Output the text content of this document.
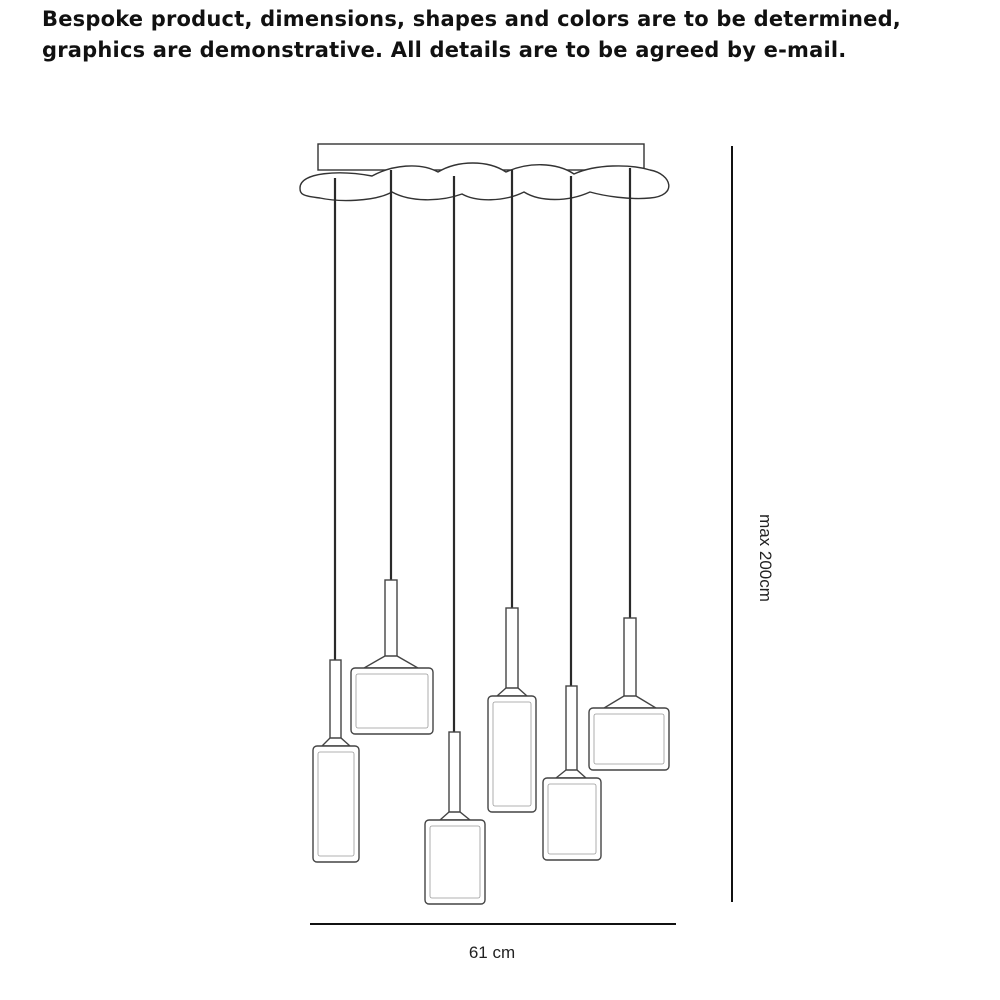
Bespoke product, dimensions, shapes and colors are to be determined, graphics are demonstrative. All details are to be agreed by e-mail.
61 cm
max 200cm
